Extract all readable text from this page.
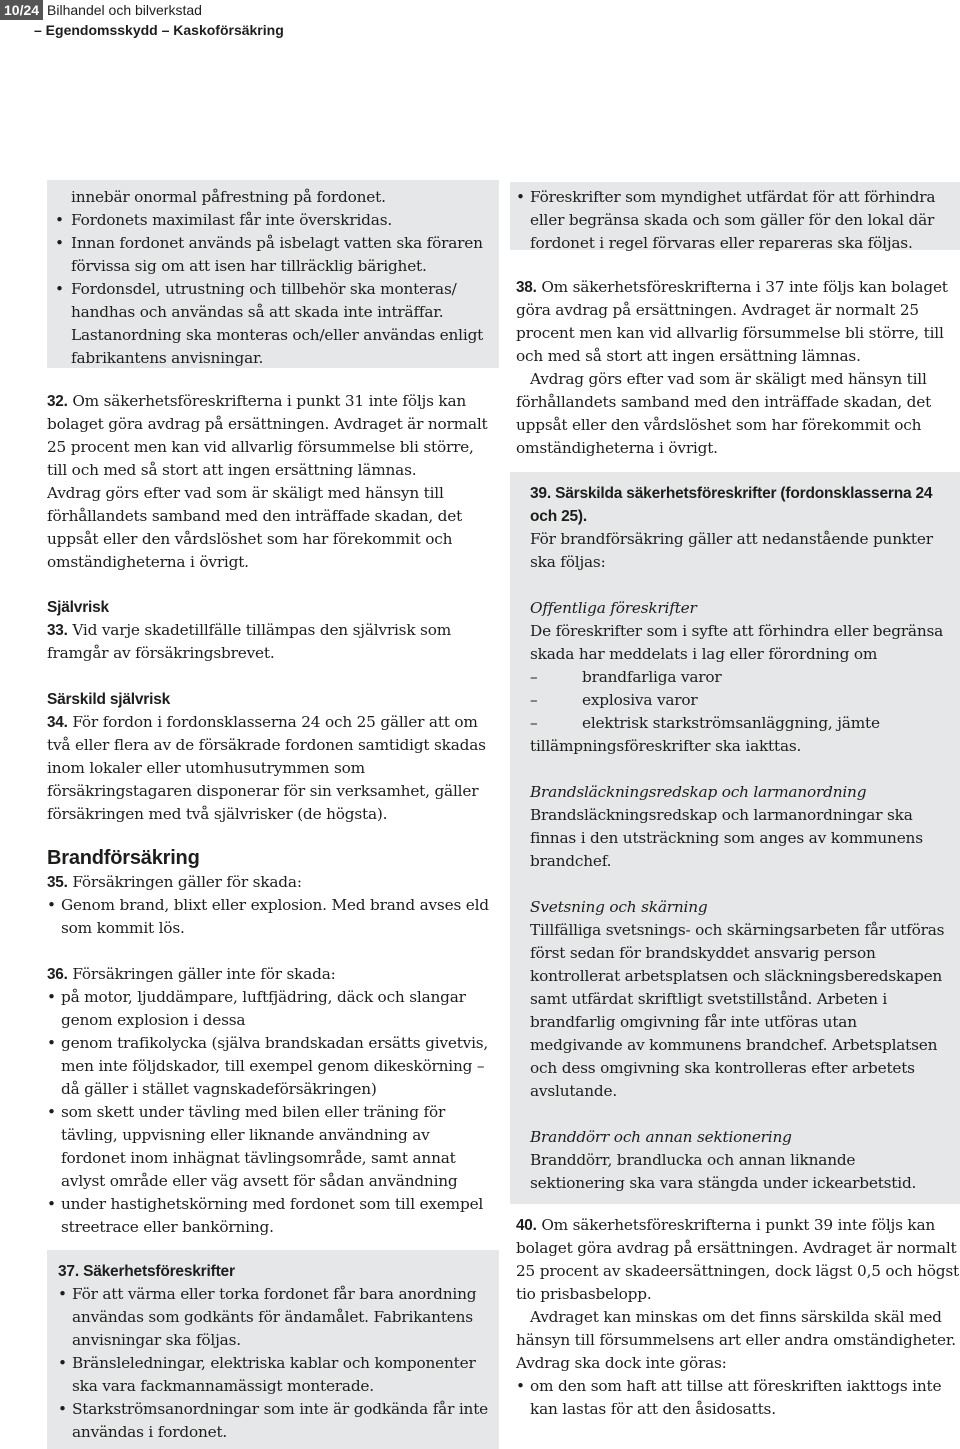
10/24 Bilhandel och bilverkstad
– Egendomsskydd – Kaskoförsäkring

innebär onormal påfrestning på fordonet.

• Fordonets maximilast får inte överskridas.

• Innan fordonet används på isbelagt vatten ska föraren förvissa sig om att isen har tillräcklig bärighet.

• Fordonsdel, utrustning och tillbehör ska monteras/ handhas och användas så att skada inte inträffar. Lastanordning ska monteras och/eller användas enligt fabrikantens anvisningar.

32. Om säkerhetsföreskrifterna i punkt 31 inte följs kan bolaget göra avdrag på ersättningen. Avdraget är normalt 25 procent men kan vid allvarlig försummelse bli större, till och med så stort att ingen ersättning lämnas.

Avdrag görs efter vad som är skäligt med hänsyn till förhållandets samband med den inträffade skadan, det uppsåt eller den vårdslöshet som har förekommit och omständigheterna i övrigt.

Självrisk

33. Vid varje skadetillfälle tillämpas den självrisk som framgår av försäkringsbrevet.

Särskild självrisk

34. För fordon i fordonsklasserna 24 och 25 gäller att om två eller flera av de försäkrade fordonen samtidigt skadas inom lokaler eller utomhusutrymmen som försäkringstagaren disponerar för sin verksamhet, gäller försäkringen med två självrisker (de högsta).

Brandförsäkring

35. Försäkringen gäller för skada:

• Genom brand, blixt eller explosion. Med brand avses eld som kommit lös.

36. Försäkringen gäller inte för skada:

• på motor, ljuddämpare, luftfjädring, däck och slangar genom explosion i dessa

• genom trafikolycka (själva brandskadan ersätts givetvis, men inte följdskador, till exempel genom dikeskörning – då gäller i stället vagnskadeförsäkringen)

• som skett under tävling med bilen eller träning för tävling, uppvisning eller liknande användning av fordonet inom inhägnat tävlingsområde, samt annat avlyst område eller väg avsett för sådan användning

• under hastighetskörning med fordonet som till exempel streetrace eller bankörning.

37. Säkerhetsföreskrifter

• För att värma eller torka fordonet får bara anordning användas som godkänts för ändamålet. Fabrikantens anvisningar ska följas.

• Bränsleledningar, elektriska kablar och komponenter ska vara fackmannamässigt monterade.

• Starkströmsanordningar som inte är godkända får inte användas i fordonet.

• Föreskrifter som myndighet utfärdat för att förhindra eller begränsa skada och som gäller för den lokal där fordonet i regel förvaras eller repareras ska följas.

38. Om säkerhetsföreskrifterna i 37 inte följs kan bolaget göra avdrag på ersättningen. Avdraget är normalt 25 procent men kan vid allvarlig försummelse bli större, till och med så stort att ingen ersättning lämnas.

Avdrag görs efter vad som är skäligt med hänsyn till förhållandets samband med den inträffade skadan, det uppsåt eller den vårdslöshet som har förekommit och omständigheterna i övrigt.

39. Särskilda säkerhetsföreskrifter (fordonsklasserna 24 och 25).

För brandförsäkring gäller att nedanstående punkter ska följas:

Offentliga föreskrifter

De föreskrifter som i syfte att förhindra eller begränsa skada har meddelats i lag eller förordning om

–	brandfarliga varor

–	explosiva varor

–	elektrisk starkströmsanläggning, jämte

tillämpningsföreskrifter ska iakttas.

Brandsläckningsredskap och larmanordning

Brandsläckningsredskap och larmanordningar ska finnas i den utsträckning som anges av kommunens brandchef.

Svetsning och skärning

Tillfälliga svetsnings- och skärningsarbeten får utföras först sedan för brandskyddet ansvarig person kontrollerat arbetsplatsen och släckningsberedskapen samt utfärdat skriftligt svetstillstånd. Arbeten i brandfarlig omgivning får inte utföras utan medgivande av kommunens brandchef. Arbetsplatsen och dess omgivning ska kontrolleras efter arbetets avslutande.

Branddörr och annan sektionering

Branddörr, brandlucka och annan liknande sektionering ska vara stängda under ickearbetstid.

40. Om säkerhetsföreskrifterna i punkt 39 inte följs kan bolaget göra avdrag på ersättningen. Avdraget är normalt 25 procent av skadeersättningen, dock lägst 0,5 och högst tio prisbasbelopp.

Avdraget kan minskas om det finns särskilda skäl med hänsyn till försummelsens art eller andra omständigheter.

Avdrag ska dock inte göras:

• om den som haft att tillse att föreskriften iakttogs inte kan lastas för att den åsidosatts.
